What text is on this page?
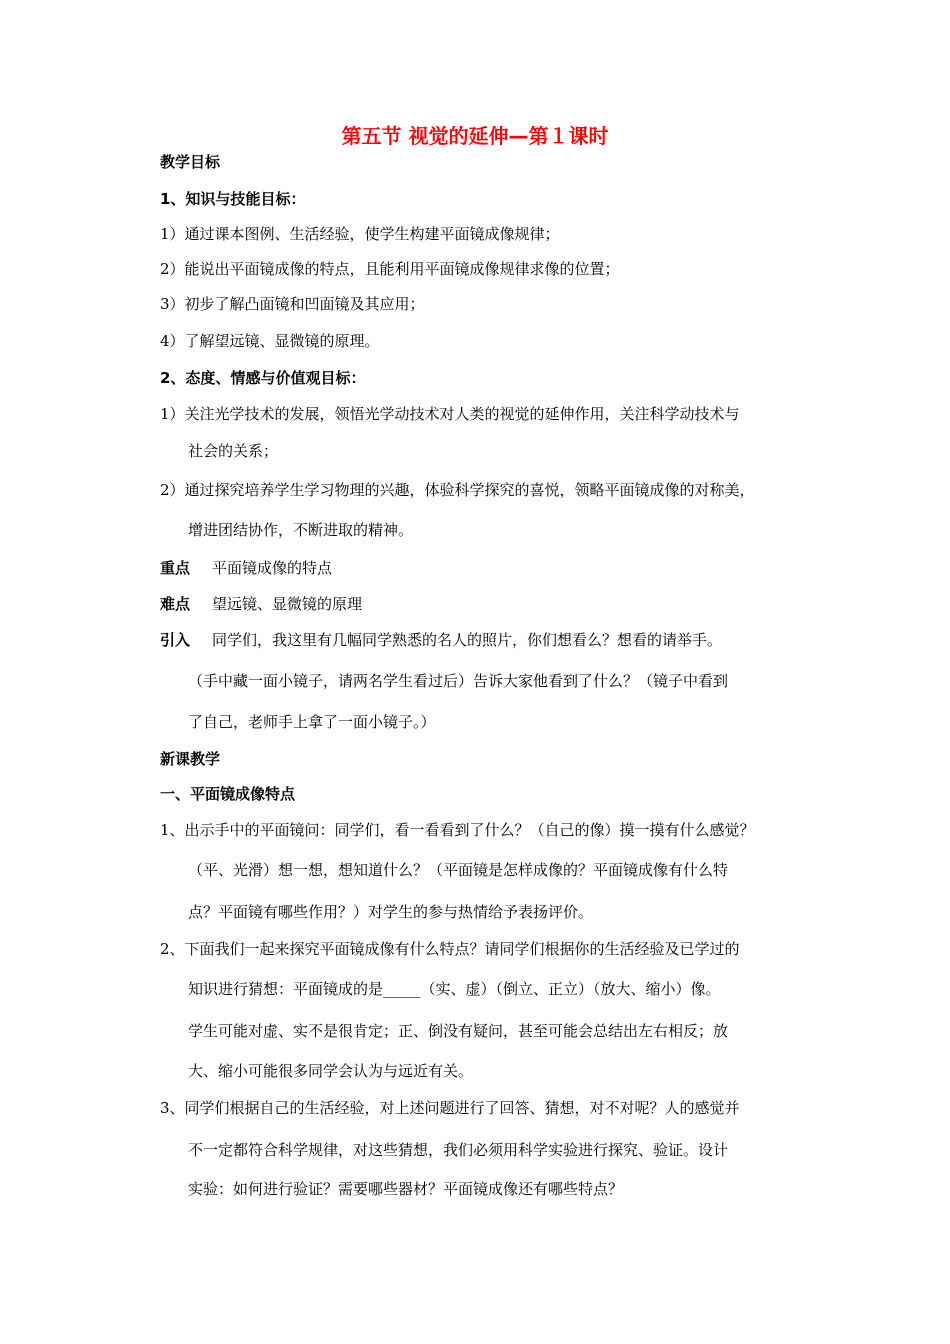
第五节 视觉的延伸—第１课时
教学目标
1、知识与技能目标：
1）通过课本图例、生活经验，使学生构建平面镜成像规律；
2）能说出平面镜成像的特点，且能利用平面镜成像规律求像的位置；
3）初步了解凸面镜和凹面镜及其应用；
4）了解望远镜、显微镜的原理。
2、态度、情感与价值观目标：
1）关注光学技术的发展，领悟光学动技术对人类的视觉的延伸作用，关注科学动技术与
社会的关系；
2）通过探究培养学生学习物理的兴趣，体验科学探究的喜悦，领略平面镜成像的对称美，
增进团结协作，不断进取的精神。
重点 平面镜成像的特点
难点 望远镜、显微镜的原理
引入 同学们，我这里有几幅同学熟悉的名人的照片，你们想看么？想看的请举手。
（手中藏一面小镜子，请两名学生看过后）告诉大家他看到了什么？（镜子中看到
了自己，老师手上拿了一面小镜子。）
新课教学
一、平面镜成像特点
1、出示手中的平面镜问：同学们，看一看看到了什么？（自己的像）摸一摸有什么感觉？
（平、光滑）想一想，想知道什么？（平面镜是怎样成像的？平面镜成像有什么特
点？平面镜有哪些作用？）对学生的参与热情给予表扬评价。
2、下面我们一起来探究平面镜成像有什么特点？请同学们根据你的生活经验及已学过的
知识进行猜想：平面镜成的是_____（实、虚）（倒立、正立）（放大、缩小）像。
学生可能对虚、实不是很肯定；正、倒没有疑问，甚至可能会总结出左右相反；放
大、缩小可能很多同学会认为与远近有关。
3、同学们根据自己的生活经验，对上述问题进行了回答、猜想，对不对呢？人的感觉并
不一定都符合科学规律，对这些猜想，我们必须用科学实验进行探究、验证。设计
实验：如何进行验证？需要哪些器材？平面镜成像还有哪些特点？
